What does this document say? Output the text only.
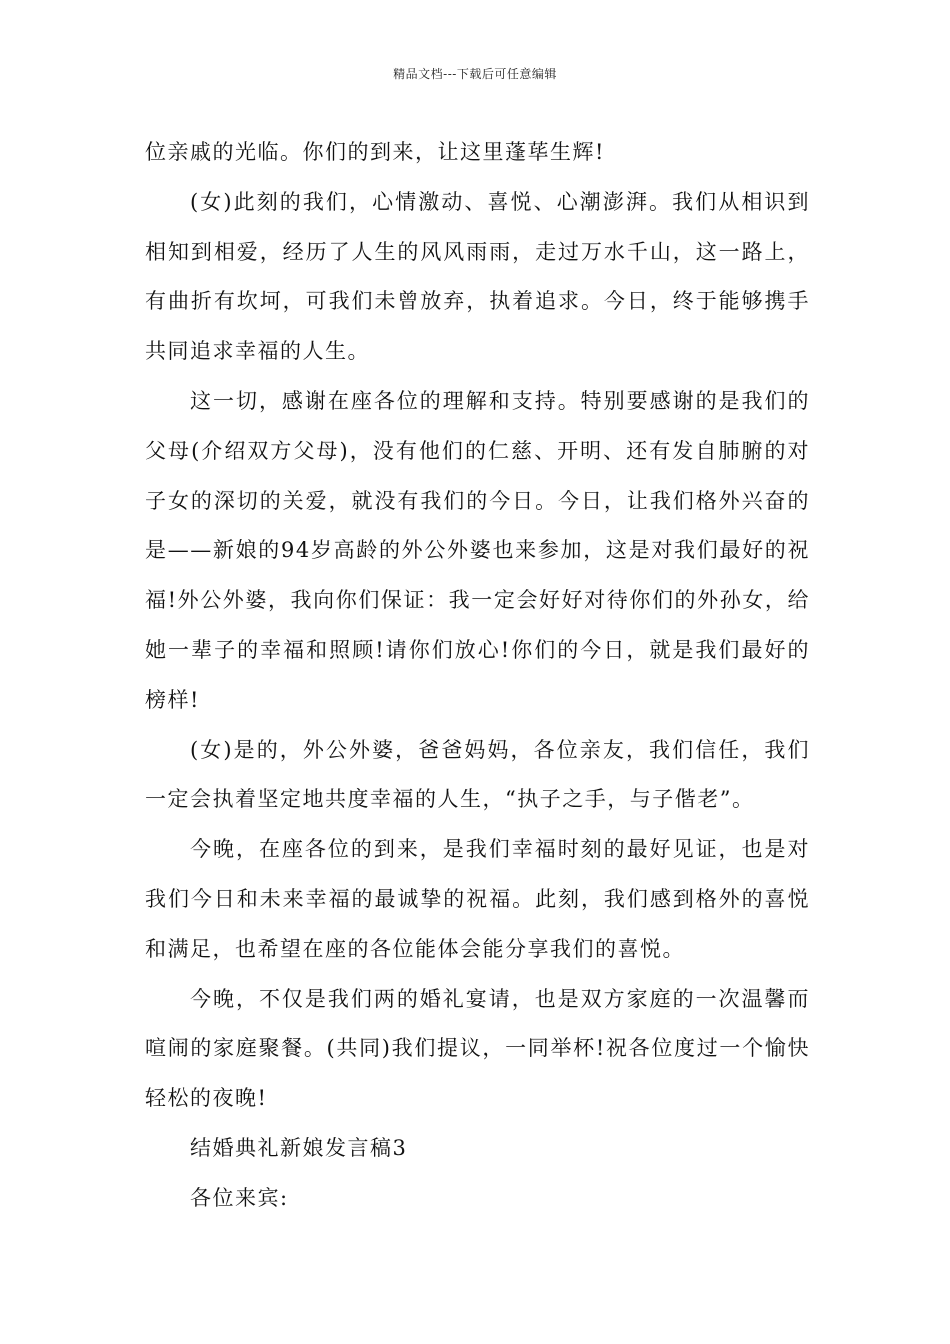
精品文档---下载后可任意编辑

位亲戚的光临。你们的到来，让这里蓬荜生辉!

(女)此刻的我们，心情激动、喜悦、心潮澎湃。我们从相识到相知到相爱，经历了人生的风风雨雨，走过万水千山，这一路上，有曲折有坎坷，可我们未曾放弃，执着追求。今日，终于能够携手共同追求幸福的人生。

这一切，感谢在座各位的理解和支持。特别要感谢的是我们的父母(介绍双方父母)，没有他们的仁慈、开明、还有发自肺腑的对子女的深切的关爱，就没有我们的今日。今日，让我们格外兴奋的是——新娘的94岁高龄的外公外婆也来参加，这是对我们最好的祝福!外公外婆，我向你们保证：我一定会好好对待你们的外孙女，给她一辈子的幸福和照顾!请你们放心!你们的今日，就是我们最好的榜样!

(女)是的，外公外婆，爸爸妈妈，各位亲友，我们信任，我们一定会执着坚定地共度幸福的人生，“执子之手，与子偕老”。

今晚，在座各位的到来，是我们幸福时刻的最好见证，也是对我们今日和未来幸福的最诚挚的祝福。此刻，我们感到格外的喜悦和满足，也希望在座的各位能体会能分享我们的喜悦。

今晚，不仅是我们两的婚礼宴请，也是双方家庭的一次温馨而喧闹的家庭聚餐。(共同)我们提议，一同举杯!祝各位度过一个愉快轻松的夜晚!

结婚典礼新娘发言稿3

各位来宾:
